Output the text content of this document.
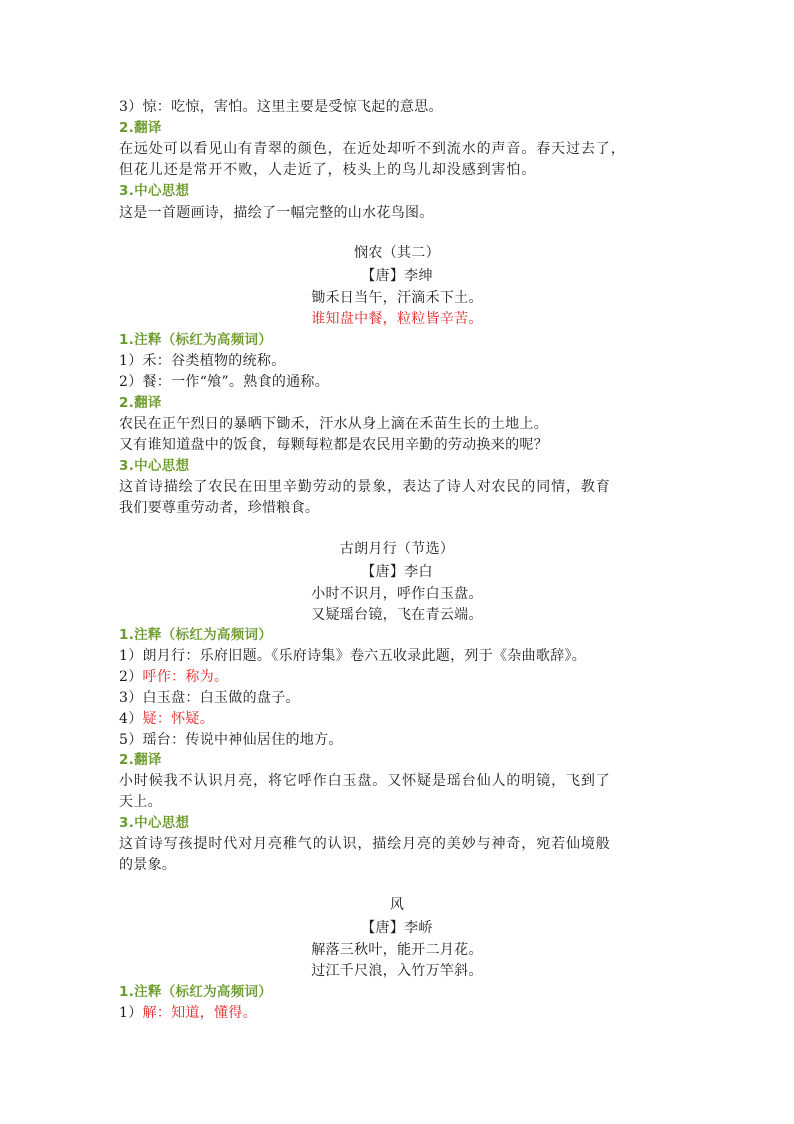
3）惊：吃惊，害怕。这里主要是受惊飞起的意思。
2.翻译
在远处可以看见山有青翠的颜色，在近处却听不到流水的声音。春天过去了，
但花儿还是常开不败，人走近了，枝头上的鸟儿却没感到害怕。
3.中心思想
这是一首题画诗，描绘了一幅完整的山水花鸟图。
悯农（其二）
【唐】李绅
锄禾日当午，汗滴禾下土。
谁知盘中餐，粒粒皆辛苦。
1.注释（标红为高频词）
1）禾：谷类植物的统称。
2）餐：一作“飧”。熟食的通称。
2.翻译
农民在正午烈日的暴晒下锄禾，汗水从身上滴在禾苗生长的土地上。
又有谁知道盘中的饭食，每颗每粒都是农民用辛勤的劳动换来的呢？
3.中心思想
这首诗描绘了农民在田里辛勤劳动的景象，表达了诗人对农民的同情，教育
我们要尊重劳动者，珍惜粮食。
古朗月行（节选）
【唐】李白
小时不识月，呼作白玉盘。
又疑瑶台镜，飞在青云端。
1.注释（标红为高频词）
1）朗月行：乐府旧题。《乐府诗集》卷六五收录此题，列于《杂曲歌辞》。
2）呼作：称为。
3）白玉盘：白玉做的盘子。
4）疑：怀疑。
5）瑶台：传说中神仙居住的地方。
2.翻译
小时候我不认识月亮，将它呼作白玉盘。又怀疑是瑶台仙人的明镜，飞到了
天上。
3.中心思想
这首诗写孩提时代对月亮稚气的认识，描绘月亮的美妙与神奇，宛若仙境般
的景象。
风
【唐】李峤
解落三秋叶，能开二月花。
过江千尺浪，入竹万竿斜。
1.注释（标红为高频词）
1）解：知道，懂得。
